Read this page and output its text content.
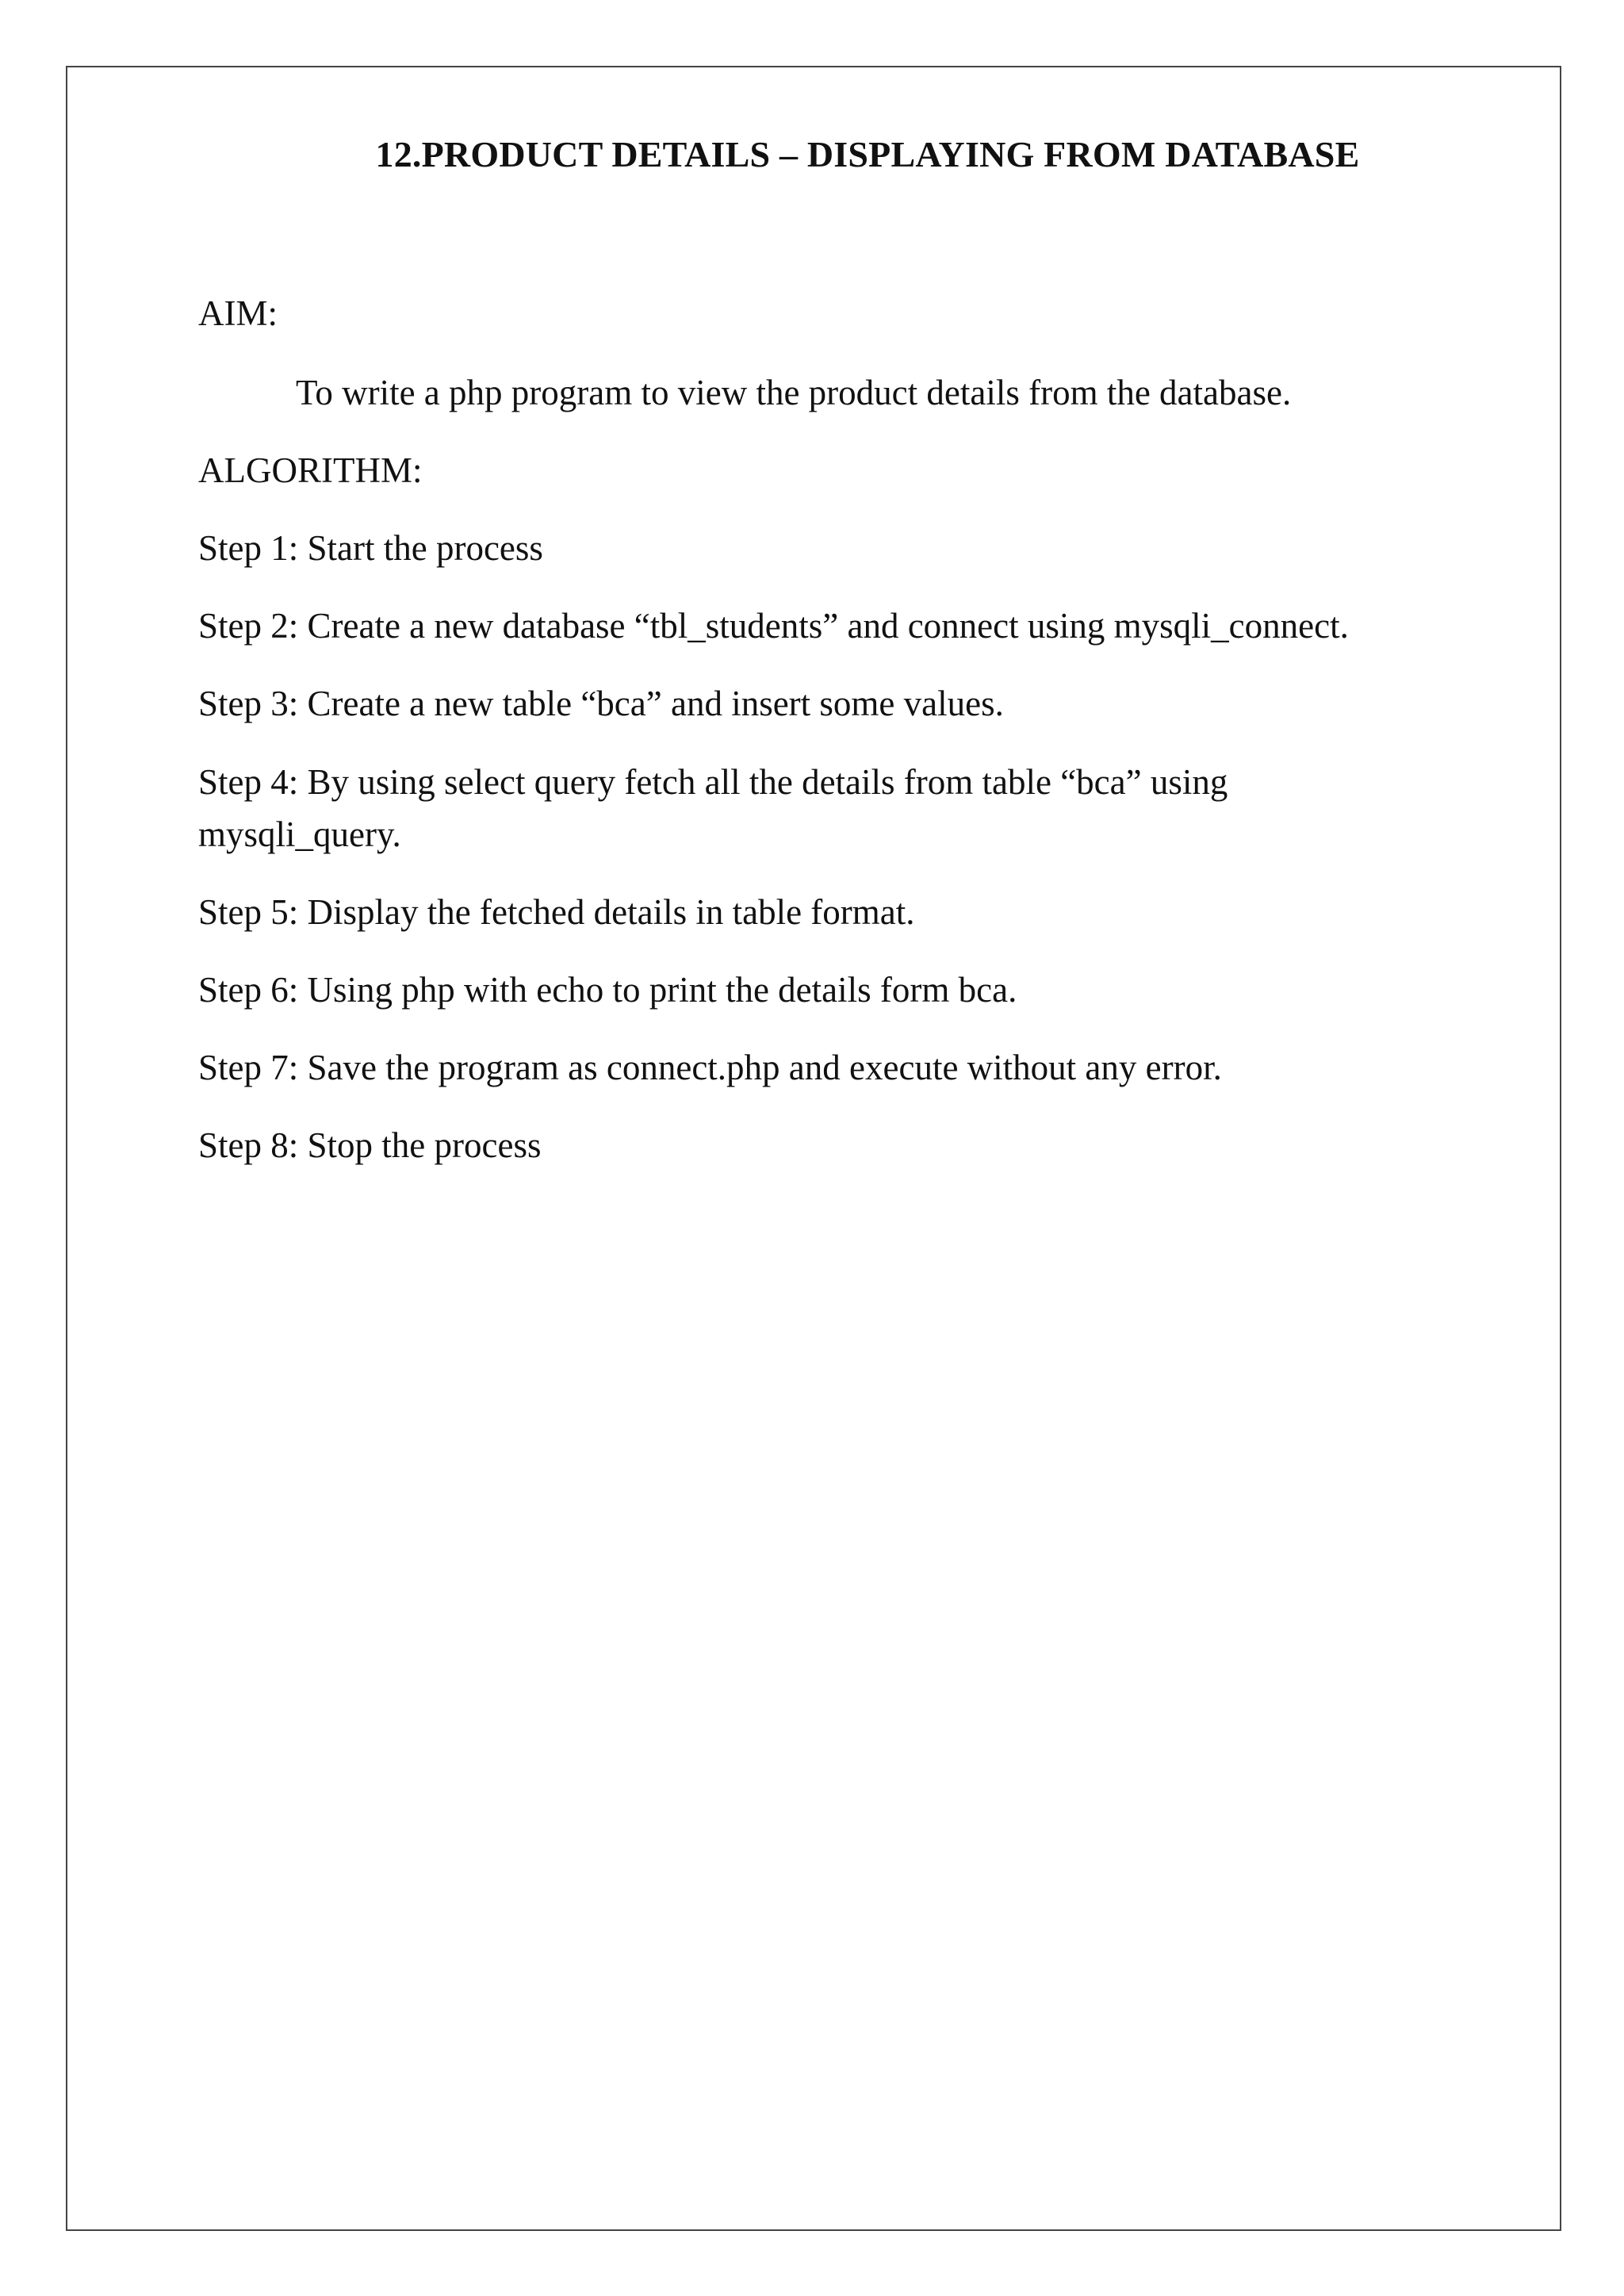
12.PRODUCT DETAILS – DISPLAYING FROM DATABASE
AIM:
To write a php program to view the product details from the database.
ALGORITHM:
Step 1: Start the process
Step 2: Create a new database “tbl_students” and connect using mysqli_connect.
Step 3: Create a new table “bca” and insert some values.
Step 4: By using select query fetch all the details from table “bca” using
mysqli_query.
Step 5: Display the fetched details in table format.
Step 6: Using php with echo to print the details form bca.
Step 7: Save the program as connect.php and execute without any error.
Step 8: Stop the process
